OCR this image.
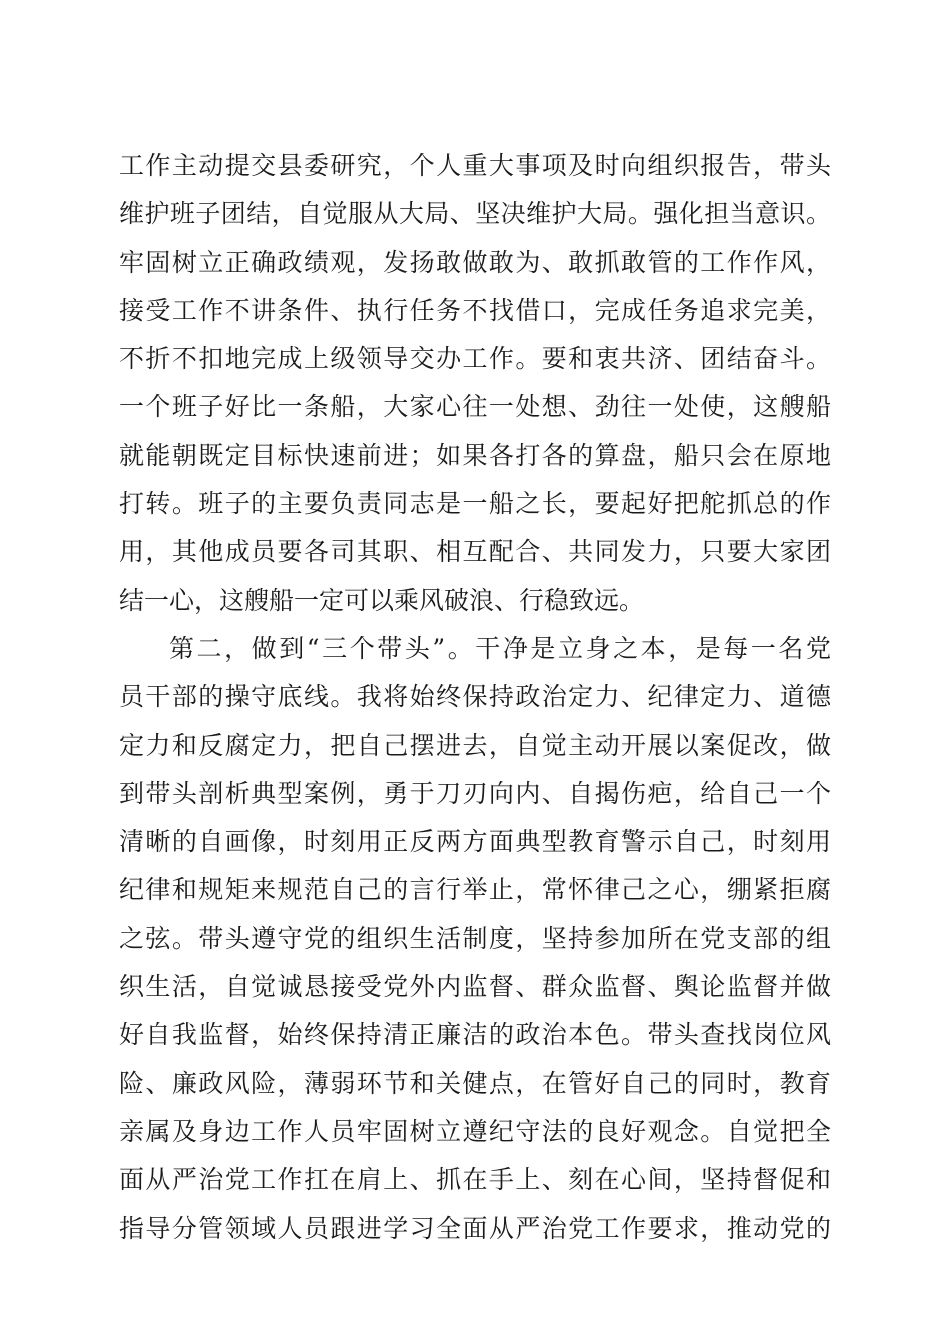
工作主动提交县委研究，个人重大事项及时向组织报告，带头
维护班子团结，自觉服从大局、坚决维护大局。强化担当意识。
牢固树立正确政绩观，发扬敢做敢为、敢抓敢管的工作作风，
接受工作不讲条件、执行任务不找借口，完成任务追求完美，
不折不扣地完成上级领导交办工作。要和衷共济、团结奋斗。
一个班子好比一条船，大家心往一处想、劲往一处使，这艘船
就能朝既定目标快速前进；如果各打各的算盘，船只会在原地
打转。班子的主要负责同志是一船之长，要起好把舵抓总的作
用，其他成员要各司其职、相互配合、共同发力，只要大家团
结一心，这艘船一定可以乘风破浪、行稳致远。
第二，做到“三个带头”。干净是立身之本，是每一名党
员干部的操守底线。我将始终保持政治定力、纪律定力、道德
定力和反腐定力，把自己摆进去，自觉主动开展以案促改，做
到带头剖析典型案例，勇于刀刃向内、自揭伤疤，给自己一个
清晰的自画像，时刻用正反两方面典型教育警示自己，时刻用
纪律和规矩来规范自己的言行举止，常怀律己之心，绷紧拒腐
之弦。带头遵守党的组织生活制度，坚持参加所在党支部的组
织生活，自觉诚恳接受党外内监督、群众监督、舆论监督并做
好自我监督，始终保持清正廉洁的政治本色。带头查找岗位风
险、廉政风险，薄弱环节和关健点，在管好自己的同时，教育
亲属及身边工作人员牢固树立遵纪守法的良好观念。自觉把全
面从严治党工作扛在肩上、抓在手上、刻在心间，坚持督促和
指导分管领域人员跟进学习全面从严治党工作要求，推动党的
